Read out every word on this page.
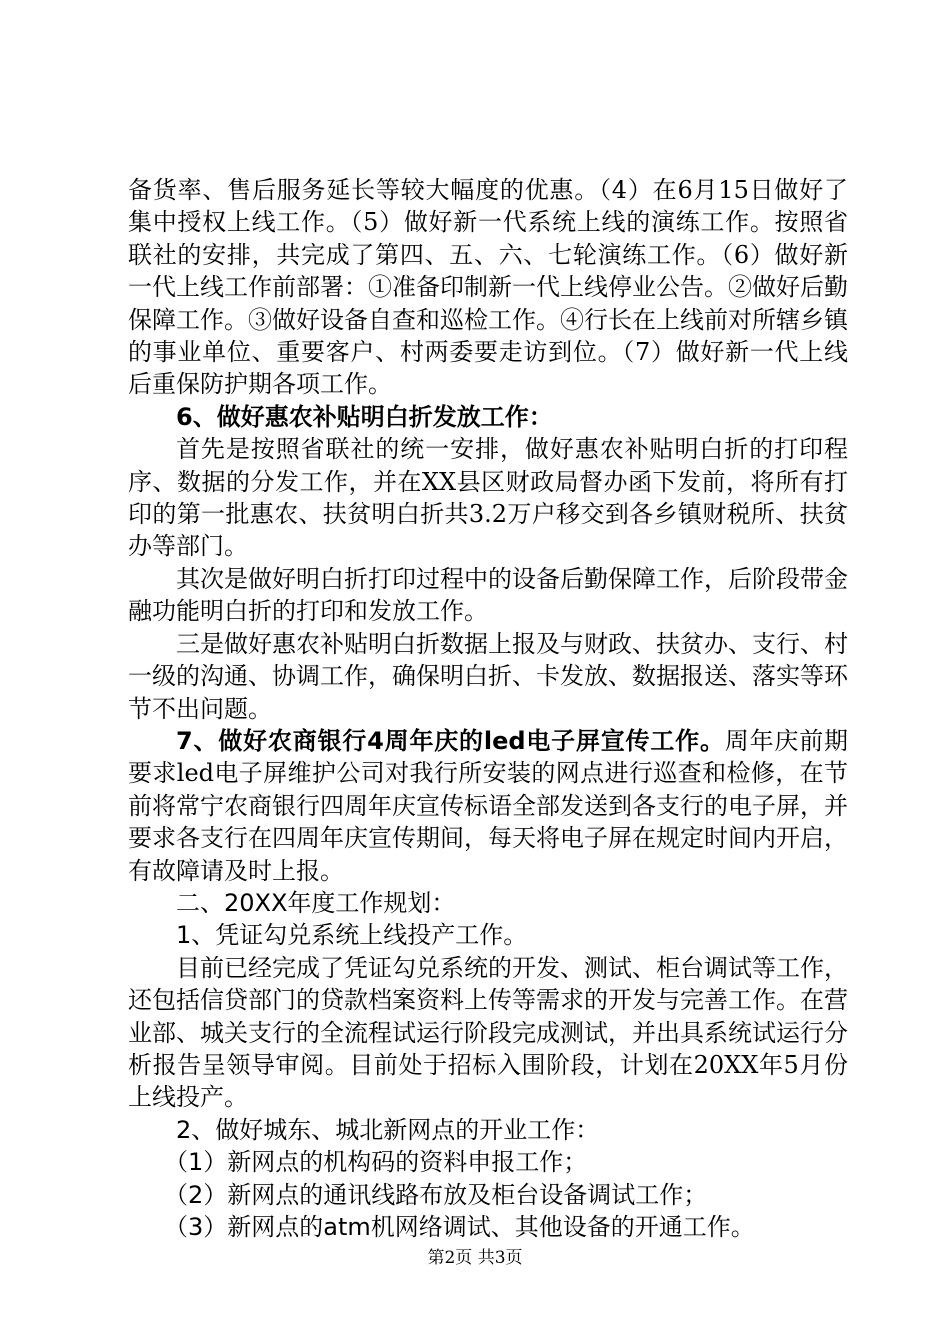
备货率、售后服务延长等较大幅度的优惠。（4）在6月15日做好了集中授权上线工作。（5）做好新一代系统上线的演练工作。按照省联社的安排，共完成了第四、五、六、七轮演练工作。（6）做好新一代上线工作前部署：①准备印制新一代上线停业公告。②做好后勤保障工作。③做好设备自查和巡检工作。④行长在上线前对所辖乡镇的事业单位、重要客户、村两委要走访到位。（7）做好新一代上线后重保防护期各项工作。

6、做好惠农补贴明白折发放工作：

首先是按照省联社的统一安排，做好惠农补贴明白折的打印程序、数据的分发工作，并在XX县区财政局督办函下发前，将所有打印的第一批惠农、扶贫明白折共3.2万户移交到各乡镇财税所、扶贫办等部门。

其次是做好明白折打印过程中的设备后勤保障工作，后阶段带金融功能明白折的打印和发放工作。

三是做好惠农补贴明白折数据上报及与财政、扶贫办、支行、村一级的沟通、协调工作，确保明白折、卡发放、数据报送、落实等环节不出问题。

7、做好农商银行4周年庆的led电子屏宣传工作。周年庆前期要求led电子屏维护公司对我行所安装的网点进行巡查和检修，在节前将常宁农商银行四周年庆宣传标语全部发送到各支行的电子屏，并要求各支行在四周年庆宣传期间，每天将电子屏在规定时间内开启，有故障请及时上报。

二、20XX年度工作规划：

1、凭证勾兑系统上线投产工作。

目前已经完成了凭证勾兑系统的开发、测试、柜台调试等工作，还包括信贷部门的贷款档案资料上传等需求的开发与完善工作。在营业部、城关支行的全流程试运行阶段完成测试，并出具系统试运行分析报告呈领导审阅。目前处于招标入围阶段，计划在20XX年5月份上线投产。

2、做好城东、城北新网点的开业工作：

（1）新网点的机构码的资料申报工作；

（2）新网点的通讯线路布放及柜台设备调试工作；

（3）新网点的atm机网络调试、其他设备的开通工作。

第2页 共3页
